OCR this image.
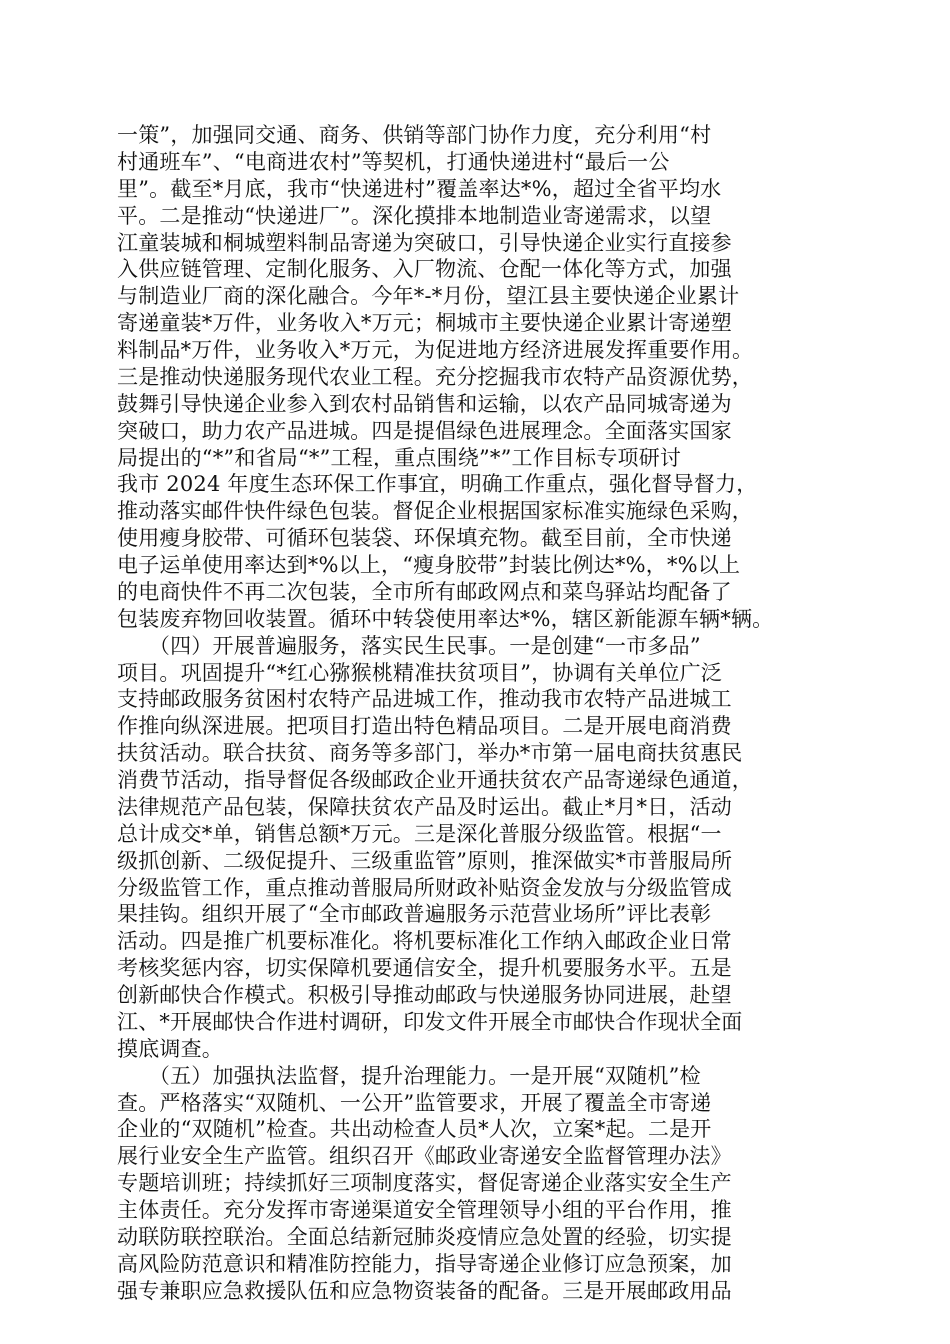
一策”，加强同交通、商务、供销等部门协作力度，充分利用“村
村通班车”、“电商进农村”等契机，打通快递进村“最后一公
里”。截至*月底，我市“快递进村”覆盖率达*%，超过全省平均水
平。二是推动“快递进厂”。深化摸排本地制造业寄递需求，以望
江童装城和桐城塑料制品寄递为突破口，引导快递企业实行直接参
入供应链管理、定制化服务、入厂物流、仓配一体化等方式，加强
与制造业厂商的深化融合。今年*-*月份，望江县主要快递企业累计
寄递童装*万件，业务收入*万元；桐城市主要快递企业累计寄递塑
料制品*万件，业务收入*万元，为促进地方经济进展发挥重要作用。
三是推动快递服务现代农业工程。充分挖掘我市农特产品资源优势，
鼓舞引导快递企业参入到农村品销售和运输，以农产品同城寄递为
突破口，助力农产品进城。四是提倡绿色进展理念。全面落实国家
局提出的“*”和省局“*”工程，重点围绕”*”工作目标专项研讨
我市 2024 年度生态环保工作事宜，明确工作重点，强化督导督力，
推动落实邮件快件绿色包装。督促企业根据国家标准实施绿色采购，
使用瘦身胶带、可循环包装袋、环保填充物。截至目前，全市快递
电子运单使用率达到*%以上，“瘦身胶带”封装比例达*%，*%以上
的电商快件不再二次包装，全市所有邮政网点和菜鸟驿站均配备了
包装废弃物回收装置。循环中转袋使用率达*%，辖区新能源车辆*辆。
　　（四）开展普遍服务，落实民生民事。一是创建“一市多品”
项目。巩固提升“*红心猕猴桃精准扶贫项目”，协调有关单位广泛
支持邮政服务贫困村农特产品进城工作，推动我市农特产品进城工
作推向纵深进展。把项目打造出特色精品项目。二是开展电商消费
扶贫活动。联合扶贫、商务等多部门，举办*市第一届电商扶贫惠民
消费节活动，指导督促各级邮政企业开通扶贫农产品寄递绿色通道，
法律规范产品包装，保障扶贫农产品及时运出。截止*月*日，活动
总计成交*单，销售总额*万元。三是深化普服分级监管。根据“一
级抓创新、二级促提升、三级重监管”原则，推深做实*市普服局所
分级监管工作，重点推动普服局所财政补贴资金发放与分级监管成
果挂钩。组织开展了“全市邮政普遍服务示范营业场所”评比表彰
活动。四是推广机要标准化。将机要标准化工作纳入邮政企业日常
考核奖惩内容，切实保障机要通信安全，提升机要服务水平。五是
创新邮快合作模式。积极引导推动邮政与快递服务协同进展，赴望
江、*开展邮快合作进村调研，印发文件开展全市邮快合作现状全面
摸底调查。
　　（五）加强执法监督，提升治理能力。一是开展“双随机”检
查。严格落实“双随机、一公开”监管要求，开展了覆盖全市寄递
企业的“双随机”检查。共出动检查人员*人次，立案*起。二是开
展行业安全生产监管。组织召开《邮政业寄递安全监督管理办法》
专题培训班；持续抓好三项制度落实，督促寄递企业落实安全生产
主体责任。充分发挥市寄递渠道安全管理领导小组的平台作用，推
动联防联控联治。全面总结新冠肺炎疫情应急处置的经验，切实提
高风险防范意识和精准防控能力，指导寄递企业修订应急预案，加
强专兼职应急救援队伍和应急物资装备的配备。三是开展邮政用品
